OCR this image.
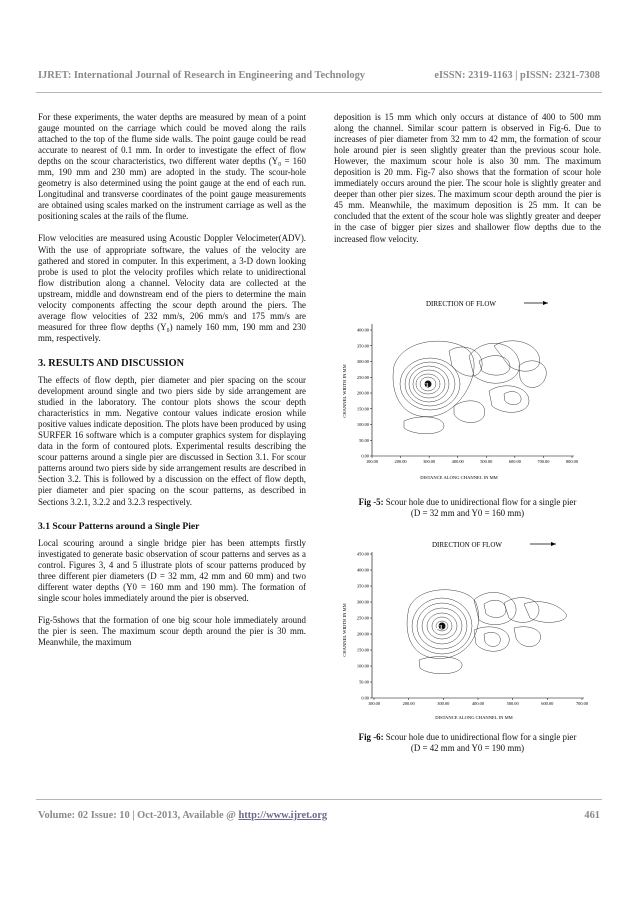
IJRET: International Journal of Research in Engineering and Technology	eISSN: 2319-1163 | pISSN: 2321-7308

For these experiments, the water depths are measured by mean of a point gauge mounted on the carriage which could be moved along the rails attached to the top of the flume side walls. The point gauge could be read accurate to nearest of 0.1 mm. In order to investigate the effect of flow depths on the scour characteristics, two different water depths (Y₀ = 160 mm, 190 mm and 230 mm) are adopted in the study. The scour-hole geometry is also determined using the point gauge at the end of each run. Longitudinal and transverse coordinates of the point gauge measurements are obtained using scales marked on the instrument carriage as well as the positioning scales at the rails of the flume.

Flow velocities are measured using Acoustic Doppler Velocimeter(ADV). With the use of appropriate software, the values of the velocity are gathered and stored in computer. In this experiment, a 3-D down looking probe is used to plot the velocity profiles which relate to unidirectional flow distribution along a channel. Velocity data are collected at the upstream, middle and downstream end of the piers to determine the main velocity components affecting the scour depth around the piers. The average flow velocities of 232 mm/s, 206 mm/s and 175 mm/s are measured for three flow depths (Y₀) namely 160 mm, 190 mm and 230 mm, respectively.

3. RESULTS AND DISCUSSION

The effects of flow depth, pier diameter and pier spacing on the scour development around single and two piers side by side arrangement are studied in the laboratory. The contour plots shows the scour depth characteristics in mm. Negative contour values indicate erosion while positive values indicate deposition. The plots have been produced by using SURFER 16 software which is a computer graphics system for displaying data in the form of contoured plots. Experimental results describing the scour patterns around a single pier are discussed in Section 3.1. For scour patterns around two piers side by side arrangement results are described in Section 3.2. This is followed by a discussion on the effect of flow depth, pier diameter and pier spacing on the scour patterns, as described in Sections 3.2.1, 3.2.2 and 3.2.3 respectively.

3.1 Scour Patterns around a Single Pier

Local scouring around a single bridge pier has been attempts firstly investigated to generate basic observation of scour patterns and serves as a control. Figures 3, 4 and 5 illustrate plots of scour patterns produced by three different pier diameters (D = 32 mm, 42 mm and 60 mm) and two different water depths (Y0 = 160 mm and 190 mm). The formation of single scour holes immediately around the pier is observed.

Fig-5shows that the formation of one big scour hole immediately around the pier is seen. The maximum scour depth around the pier is 30 mm. Meanwhile, the maximum

deposition is 15 mm which only occurs at distance of 400 to 500 mm along the channel. Similar scour pattern is observed in Fig-6. Due to increases of pier diameter from 32 mm to 42 mm, the formation of scour hole around pier is seen slightly greater than the previous scour hole. However, the maximum scour hole is also 30 mm. The maximum deposition is 20 mm. Fig-7 also shows that the formation of scour hole immediately occurs around the pier. The scour hole is slightly greater and deeper than other pier sizes. The maximum scour depth around the pier is 45 mm. Meanwhile, the maximum deposition is 25 mm. It can be concluded that the extent of the scour hole was slightly greater and deeper in the case of bigger pier sizes and shallower flow depths due to the increased flow velocity.

DIRECTION OF FLOW
0.00
50.00
100.00
150.00
200.00
250.00
300.00
350.00
400.00
100.00	200.00	300.00	400.00	500.00	600.00	700.00	800.00
DISTANCE ALONG CHANNEL IN MM
CHANNEL WIDTH IN MM	F1
Fig -5: Scour hole due to unidirectional flow for a single pier
(D = 32 mm and Y0 = 160 mm)
DIRECTION OF FLOW
0.00
50.00
100.00
150.00
200.00
250.00
300.00
350.00
400.00
450.00
100.00	200.00	300.00	400.00	500.00	600.00	700.00
DISTANCE ALONG CHANNEL IN MM
CHANNEL WIDTH IN MM	F1
Fig -6: Scour hole due to unidirectional flow for a single pier
(D = 42 mm and Y0 = 190 mm)
Volume: 02 Issue: 10 | Oct-2013, Available @ http://www.ijret.org	461
